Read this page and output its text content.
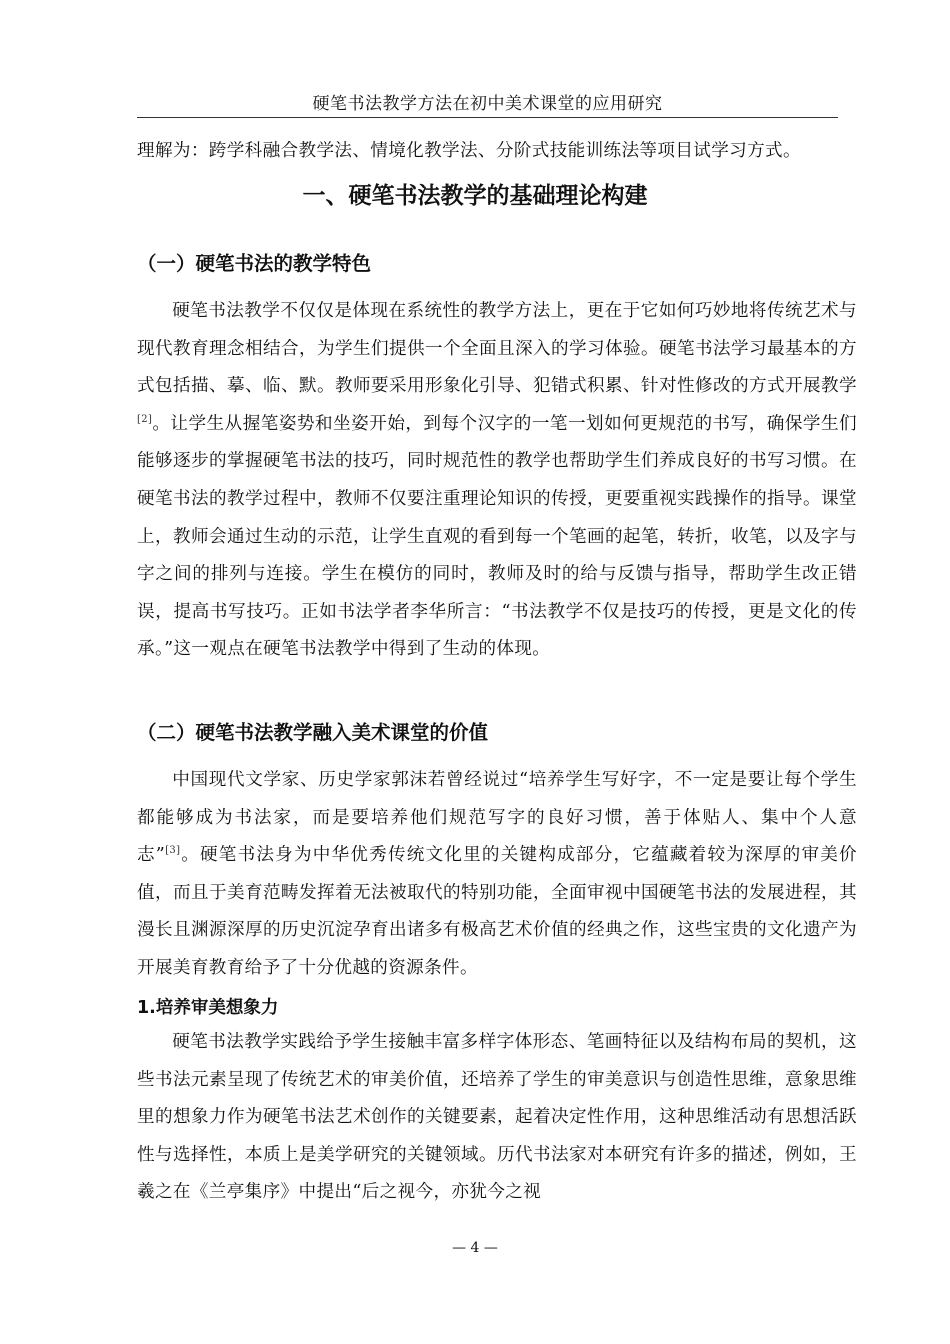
硬笔书法教学方法在初中美术课堂的应用研究
理解为：跨学科融合教学法、情境化教学法、分阶式技能训练法等项目试学习方式。
一、硬笔书法教学的基础理论构建
（一）硬笔书法的教学特色
硬笔书法教学不仅仅是体现在系统性的教学方法上，更在于它如何巧妙地将传统艺术与现代教育理念相结合，为学生们提供一个全面且深入的学习体验。硬笔书法学习最基本的方式包括描、摹、临、默。教师要采用形象化引导、犯错式积累、针对性修改的方式开展教学[2]。让学生从握笔姿势和坐姿开始，到每个汉字的一笔一划如何更规范的书写，确保学生们能够逐步的掌握硬笔书法的技巧，同时规范性的教学也帮助学生们养成良好的书写习惯。在硬笔书法的教学过程中，教师不仅要注重理论知识的传授，更要重视实践操作的指导。课堂上，教师会通过生动的示范，让学生直观的看到每一个笔画的起笔，转折，收笔，以及字与字之间的排列与连接。学生在模仿的同时，教师及时的给与反馈与指导，帮助学生改正错误，提高书写技巧。正如书法学者李华所言：“书法教学不仅是技巧的传授，更是文化的传承。”这一观点在硬笔书法教学中得到了生动的体现。
（二）硬笔书法教学融入美术课堂的价值
中国现代文学家、历史学家郭沫若曾经说过“培养学生写好字，不一定是要让每个学生都能够成为书法家，而是要培养他们规范写字的良好习惯，善于体贴人、集中个人意志”[3]。硬笔书法身为中华优秀传统文化里的关键构成部分，它蕴藏着较为深厚的审美价值，而且于美育范畴发挥着无法被取代的特别功能，全面审视中国硬笔书法的发展进程，其漫长且渊源深厚的历史沉淀孕育出诸多有极高艺术价值的经典之作，这些宝贵的文化遗产为开展美育教育给予了十分优越的资源条件。
1.培养审美想象力
硬笔书法教学实践给予学生接触丰富多样字体形态、笔画特征以及结构布局的契机，这些书法元素呈现了传统艺术的审美价值，还培养了学生的审美意识与创造性思维，意象思维里的想象力作为硬笔书法艺术创作的关键要素，起着决定性作用，这种思维活动有思想活跃性与选择性，本质上是美学研究的关键领域。历代书法家对本研究有许多的描述，例如，王羲之在《兰亭集序》中提出“后之视今，亦犹今之视
— 4 —
